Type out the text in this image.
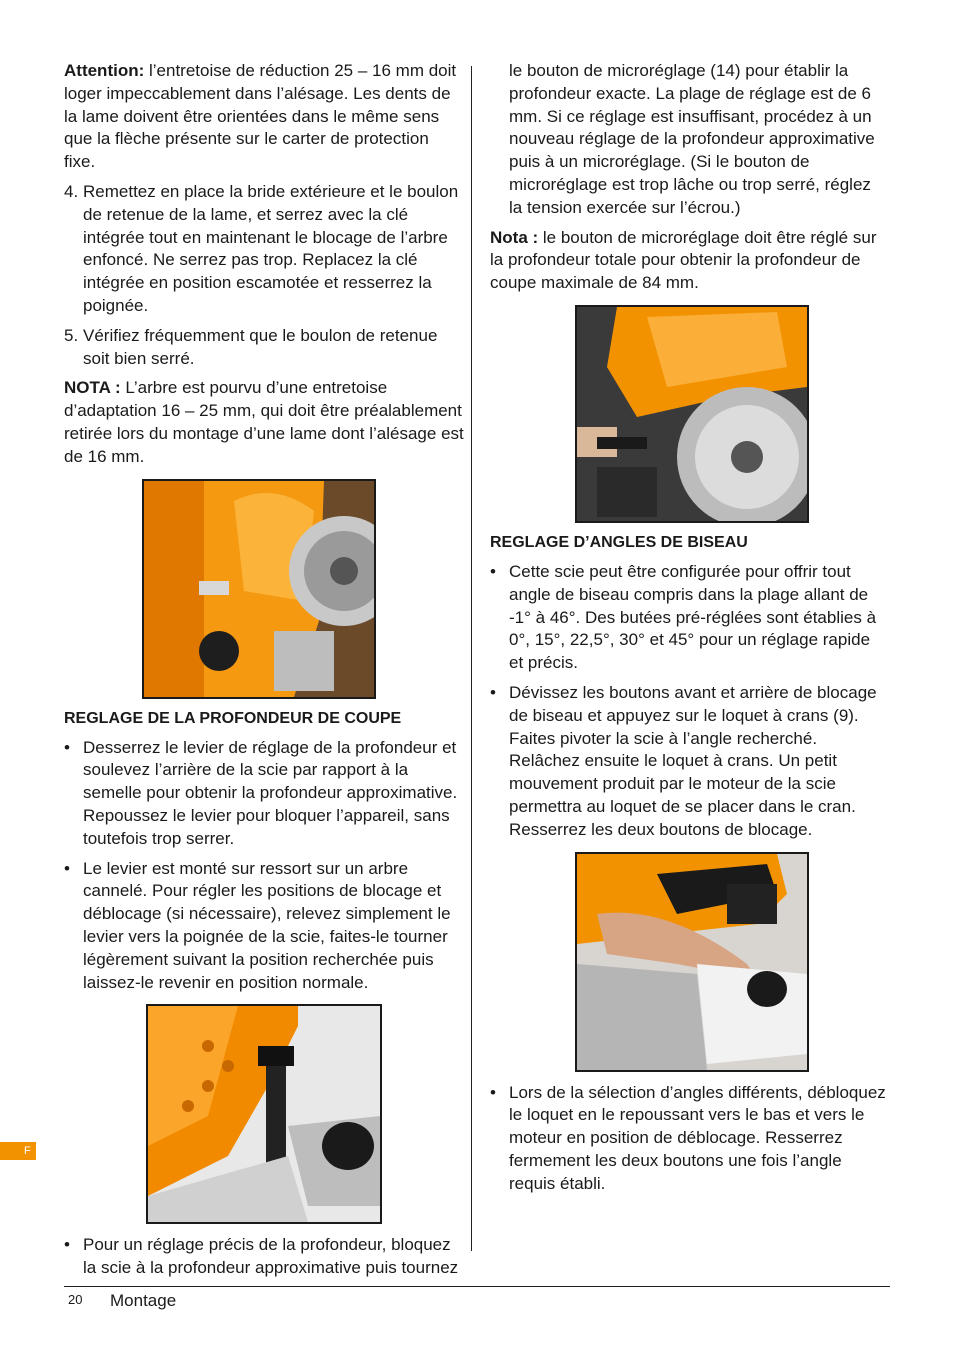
Attention: l’entretoise de réduction 25 – 16 mm doit loger impeccablement dans l’alésage. Les dents de la lame doivent être orientées dans le même sens que la flèche présente sur le carter de protection fixe.

4. Remettez en place la bride extérieure et le boulon de retenue de la lame, et serrez avec la clé intégrée tout en maintenant le blocage de l’arbre enfoncé. Ne serrez pas trop. Replacez la clé intégrée en position escamotée et resserrez la poignée.
5. Vérifiez fréquemment que le boulon de retenue soit bien serré.

NOTA : L’arbre est pourvu d’une entretoise d’adaptation 16 – 25 mm, qui doit être préalablement retirée lors du montage d’une lame dont l’alésage est de 16 mm.

REGLAGE DE LA PROFONDEUR DE COUPE
• Desserrez le levier de réglage de la profondeur et soulevez l’arrière de la scie par rapport à la semelle pour obtenir la profondeur approximative. Repoussez le levier pour bloquer l’appareil, sans toutefois trop serrer.
• Le levier est monté sur ressort sur un arbre cannelé. Pour régler les positions de blocage et déblocage (si nécessaire), relevez simplement le levier vers la poignée de la scie, faites-le tourner légèrement suivant la position recherchée puis laissez-le revenir en position normale.
• Pour un réglage précis de la profondeur, bloquez la scie à la profondeur approximative puis tournez

le bouton de microréglage (14) pour établir la profondeur exacte. La plage de réglage est de 6 mm. Si ce réglage est insuffisant, procédez à un nouveau réglage de la profondeur approximative puis à un microréglage. (Si le bouton de microréglage est trop lâche ou trop serré, réglez la tension exercée sur l’écrou.)

Nota : le bouton de microréglage doit être réglé sur la profondeur totale pour obtenir la profondeur de coupe maximale de 84 mm.

REGLAGE D’ANGLES DE BISEAU
• Cette scie peut être configurée pour offrir tout angle de biseau compris dans la plage allant de -1° à 46°. Des butées pré-réglées sont établies à 0°, 15°, 22,5°, 30° et 45° pour un réglage rapide et précis.
• Dévissez les boutons avant et arrière de blocage de biseau et appuyez sur le loquet à crans (9). Faites pivoter la scie à l’angle recherché. Relâchez ensuite le loquet à crans. Un petit mouvement produit par le moteur de la scie permettra au loquet de se placer dans le cran. Resserrez les deux boutons de blocage.
• Lors de la sélection d’angles différents, débloquez le loquet en le repoussant vers le bas et vers le moteur en position de déblocage. Resserrez fermement les deux boutons une fois l’angle requis établi.
F
20 Montage
